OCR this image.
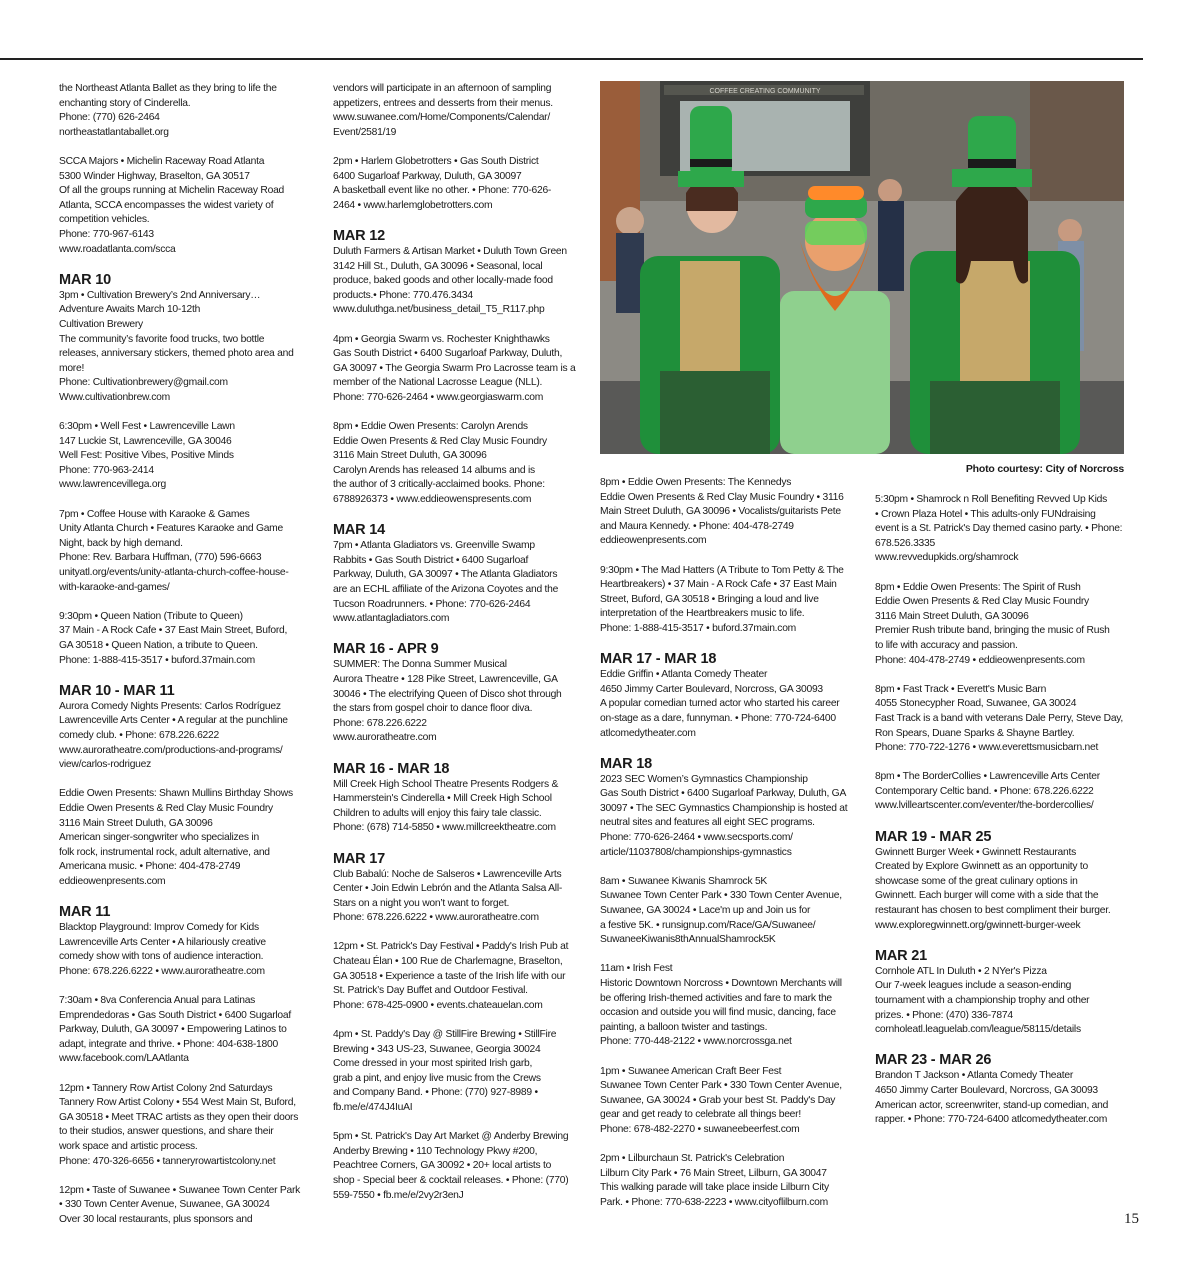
the Northeast Atlanta Ballet as they bring to life the
enchanting story of Cinderella.
Phone: (770) 626-2464
northeastatlantaballet.org
SCCA Majors • Michelin Raceway Road Atlanta
5300 Winder Highway, Braselton, GA 30517
Of all the groups running at Michelin Raceway Road
Atlanta, SCCA encompasses the widest variety of
competition vehicles.
Phone: 770-967-6143
www.roadatlanta.com/scca
MAR 10
3pm • Cultivation Brewery’s 2nd Anniversary…
Adventure Awaits March 10-12th
Cultivation Brewery
The community’s favorite food trucks, two bottle
releases, anniversary stickers, themed photo area and
more!
Phone: Cultivationbrewery@gmail.com
Www.cultivationbrew.com
6:30pm • Well Fest • Lawrenceville Lawn
147 Luckie St, Lawrenceville, GA 30046
Well Fest: Positive Vibes, Positive Minds
Phone: 770-963-2414
www.lawrencevillega.org
7pm • Coffee House with Karaoke & Games
Unity Atlanta Church • Features Karaoke and Game
Night, back by high demand.
Phone: Rev. Barbara Huffman, (770) 596-6663
unityatl.org/events/unity-atlanta-church-coffee-house-
with-karaoke-and-games/
9:30pm • Queen Nation (Tribute to Queen)
37 Main - A Rock Cafe • 37 East Main Street, Buford,
GA 30518 • Queen Nation, a tribute to Queen.
Phone: 1-888-415-3517 • buford.37main.com
MAR 10 - MAR 11
Aurora Comedy Nights Presents: Carlos Rodríguez
Lawrenceville Arts Center • A regular at the punchline
comedy club. • Phone: 678.226.6222
www.auroratheatre.com/productions-and-programs/
view/carlos-rodriguez
Eddie Owen Presents: Shawn Mullins Birthday Shows
Eddie Owen Presents & Red Clay Music Foundry
3116 Main Street Duluth, GA 30096
American singer-songwriter who specializes in
folk rock, instrumental rock, adult alternative, and
Americana music. • Phone: 404-478-2749
eddieowenpresents.com
MAR 11
Blacktop Playground: Improv Comedy for Kids
Lawrenceville Arts Center • A hilariously creative
comedy show with tons of audience interaction.
Phone: 678.226.6222 • www.auroratheatre.com
7:30am • 8va Conferencia Anual para Latinas
Emprendedoras • Gas South District • 6400 Sugarloaf
Parkway, Duluth, GA 30097 • Empowering Latinos to
adapt, integrate and thrive. • Phone: 404-638-1800
www.facebook.com/LAAtlanta
12pm • Tannery Row Artist Colony 2nd Saturdays
Tannery Row Artist Colony • 554 West Main St, Buford,
GA 30518 • Meet TRAC artists as they open their doors
to their studios, answer questions, and share their
work space and artistic process.
Phone: 470-326-6656 • tanneryrowartistcolony.net
12pm • Taste of Suwanee • Suwanee Town Center Park
• 330 Town Center Avenue, Suwanee, GA 30024
Over 30 local restaurants, plus sponsors and
vendors will participate in an afternoon of sampling
appetizers, entrees and desserts from their menus.
www.suwanee.com/Home/Components/Calendar/
Event/2581/19
2pm • Harlem Globetrotters • Gas South District
6400 Sugarloaf Parkway, Duluth, GA 30097
A basketball event like no other. • Phone: 770-626-
2464 • www.harlemglobetrotters.com
MAR 12
Duluth Farmers & Artisan Market • Duluth Town Green
3142 Hill St., Duluth, GA 30096 • Seasonal, local
produce, baked goods and other locally-made food
products.• Phone: 770.476.3434
www.duluthga.net/business_detail_T5_R117.php
4pm • Georgia Swarm vs. Rochester Knighthawks
Gas South District • 6400 Sugarloaf Parkway, Duluth,
GA 30097 • The Georgia Swarm Pro Lacrosse team is a
member of the National Lacrosse League (NLL).
Phone: 770-626-2464 • www.georgiaswarm.com
8pm • Eddie Owen Presents: Carolyn Arends
Eddie Owen Presents & Red Clay Music Foundry
3116 Main Street Duluth, GA 30096
Carolyn Arends has released 14 albums and is
the author of 3 critically-acclaimed books. Phone:
6788926373 • www.eddieowenspresents.com
MAR 14
7pm • Atlanta Gladiators vs. Greenville Swamp
Rabbits • Gas South District • 6400 Sugarloaf
Parkway, Duluth, GA 30097 • The Atlanta Gladiators
are an ECHL affiliate of the Arizona Coyotes and the
Tucson Roadrunners. • Phone: 770-626-2464
www.atlantagladiators.com
MAR 16 - APR 9
SUMMER: The Donna Summer Musical
Aurora Theatre • 128 Pike Street, Lawrenceville, GA
30046 • The electrifying Queen of Disco shot through
the stars from gospel choir to dance floor diva.
Phone: 678.226.6222
www.auroratheatre.com
MAR 16 - MAR 18
Mill Creek High School Theatre Presents Rodgers &
Hammerstein's Cinderella • Mill Creek High School
Children to adults will enjoy this fairy tale classic.
Phone: (678) 714-5850 • www.millcreektheatre.com
MAR 17
Club Babalú: Noche de Salseros • Lawrenceville Arts
Center • Join Edwin Lebrón and the Atlanta Salsa All-
Stars on a night you won’t want to forget.
Phone: 678.226.6222 • www.auroratheatre.com
12pm • St. Patrick's Day Festival • Paddy's Irish Pub at
Chateau Élan • 100 Rue de Charlemagne, Braselton,
GA 30518 • Experience a taste of the Irish life with our
St. Patrick’s Day Buffet and Outdoor Festival.
Phone: 678-425-0900 • events.chateauelan.com
4pm • St. Paddy's Day @ StillFire Brewing • StillFire
Brewing • 343 US-23, Suwanee, Georgia 30024
Come dressed in your most spirited Irish garb,
grab a pint, and enjoy live music from the Crews
and Company Band. • Phone: (770) 927-8989 •
fb.me/e/474J4IuAI
5pm • St. Patrick's Day Art Market @ Anderby Brewing
Anderby Brewing • 110 Technology Pkwy #200,
Peachtree Corners, GA 30092 • 20+ local artists to
shop - Special beer & cocktail releases. • Phone: (770)
559-7550 • fb.me/e/2vy2r3enJ
COFFEE CREATING COMMUNITY
Photo courtesy: City of Norcross
8pm • Eddie Owen Presents: The Kennedys
Eddie Owen Presents & Red Clay Music Foundry • 3116
Main Street Duluth, GA 30096 • Vocalists/guitarists Pete
and Maura Kennedy. • Phone: 404-478-2749
eddieowenpresents.com
9:30pm • The Mad Hatters (A Tribute to Tom Petty & The
Heartbreakers) • 37 Main - A Rock Cafe • 37 East Main
Street, Buford, GA 30518 • Bringing a loud and live
interpretation of the Heartbreakers music to life.
Phone: 1-888-415-3517 • buford.37main.com
MAR 17 - MAR 18
Eddie Griffin • Atlanta Comedy Theater
4650 Jimmy Carter Boulevard, Norcross, GA 30093
A popular comedian turned actor who started his career
on-stage as a dare, funnyman. • Phone: 770-724-6400
atlcomedytheater.com
MAR 18
2023 SEC Women’s Gymnastics Championship
Gas South District • 6400 Sugarloaf Parkway, Duluth, GA
30097 • The SEC Gymnastics Championship is hosted at
neutral sites and features all eight SEC programs.
Phone: 770-626-2464 • www.secsports.com/
article/11037808/championships-gymnastics
8am • Suwanee Kiwanis Shamrock 5K
Suwanee Town Center Park • 330 Town Center Avenue,
Suwanee, GA 30024 • Lace'm up and Join us for
a festive 5K. • runsignup.com/Race/GA/Suwanee/
SuwaneeKiwanis8thAnnualShamrock5K
11am • Irish Fest
Historic Downtown Norcross • Downtown Merchants will
be offering Irish-themed activities and fare to mark the
occasion and outside you will find music, dancing, face
painting, a balloon twister and tastings.
Phone: 770-448-2122 • www.norcrossga.net
1pm • Suwanee American Craft Beer Fest
Suwanee Town Center Park • 330 Town Center Avenue,
Suwanee, GA 30024 • Grab your best St. Paddy's Day
gear and get ready to celebrate all things beer!
Phone: 678-482-2270 • suwaneebeerfest.com
2pm • Lilburchaun St. Patrick's Celebration
Lilburn City Park • 76 Main Street, Lilburn, GA 30047
This walking parade will take place inside Lilburn City
Park. • Phone: 770-638-2223 • www.cityoflilburn.com
5:30pm • Shamrock n Roll Benefiting Revved Up Kids
• Crown Plaza Hotel • This adults-only FUNdraising
event is a St. Patrick's Day themed casino party. • Phone:
678.526.3335
www.revvedupkids.org/shamrock
8pm • Eddie Owen Presents: The Spirit of Rush
Eddie Owen Presents & Red Clay Music Foundry
3116 Main Street Duluth, GA 30096
Premier Rush tribute band, bringing the music of Rush
to life with accuracy and passion.
Phone: 404-478-2749 • eddieowenpresents.com
8pm • Fast Track • Everett's Music Barn
4055 Stonecypher Road, Suwanee, GA 30024
Fast Track is a band with veterans Dale Perry, Steve Day,
Ron Spears, Duane Sparks & Shayne Bartley.
Phone: 770-722-1276 • www.everettsmusicbarn.net
8pm • The BorderCollies • Lawrenceville Arts Center
Contemporary Celtic band. • Phone: 678.226.6222
www.lvilleartscenter.com/eventer/the-bordercollies/
MAR 19 - MAR 25
Gwinnett Burger Week • Gwinnett Restaurants
Created by Explore Gwinnett as an opportunity to
showcase some of the great culinary options in
Gwinnett. Each burger will come with a side that the
restaurant has chosen to best compliment their burger.
www.exploregwinnett.org/gwinnett-burger-week
MAR 21
Cornhole ATL In Duluth • 2 NYer's Pizza
Our 7-week leagues include a season-ending
tournament with a championship trophy and other
prizes. • Phone: (470) 336-7874
cornholeatl.leaguelab.com/league/58115/details
MAR 23 - MAR 26
Brandon T Jackson • Atlanta Comedy Theater
4650 Jimmy Carter Boulevard, Norcross, GA 30093
American actor, screenwriter, stand-up comedian, and
rapper. • Phone: 770-724-6400 atlcomedytheater.com
15
